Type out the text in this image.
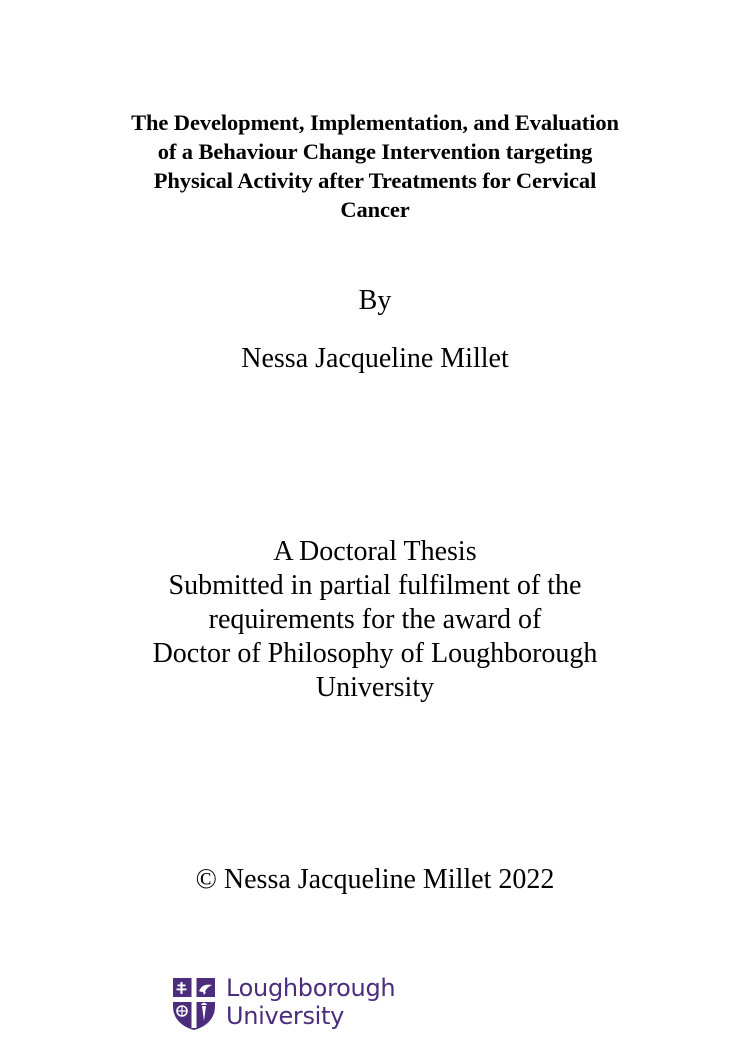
The Development, Implementation, and Evaluation
of a Behaviour Change Intervention targeting
Physical Activity after Treatments for Cervical
Cancer
By
Nessa Jacqueline Millet
A Doctoral Thesis
Submitted in partial fulfilment of the
requirements for the award of
Doctor of Philosophy of Loughborough
University
© Nessa Jacqueline Millet 2022
Loughborough
University
